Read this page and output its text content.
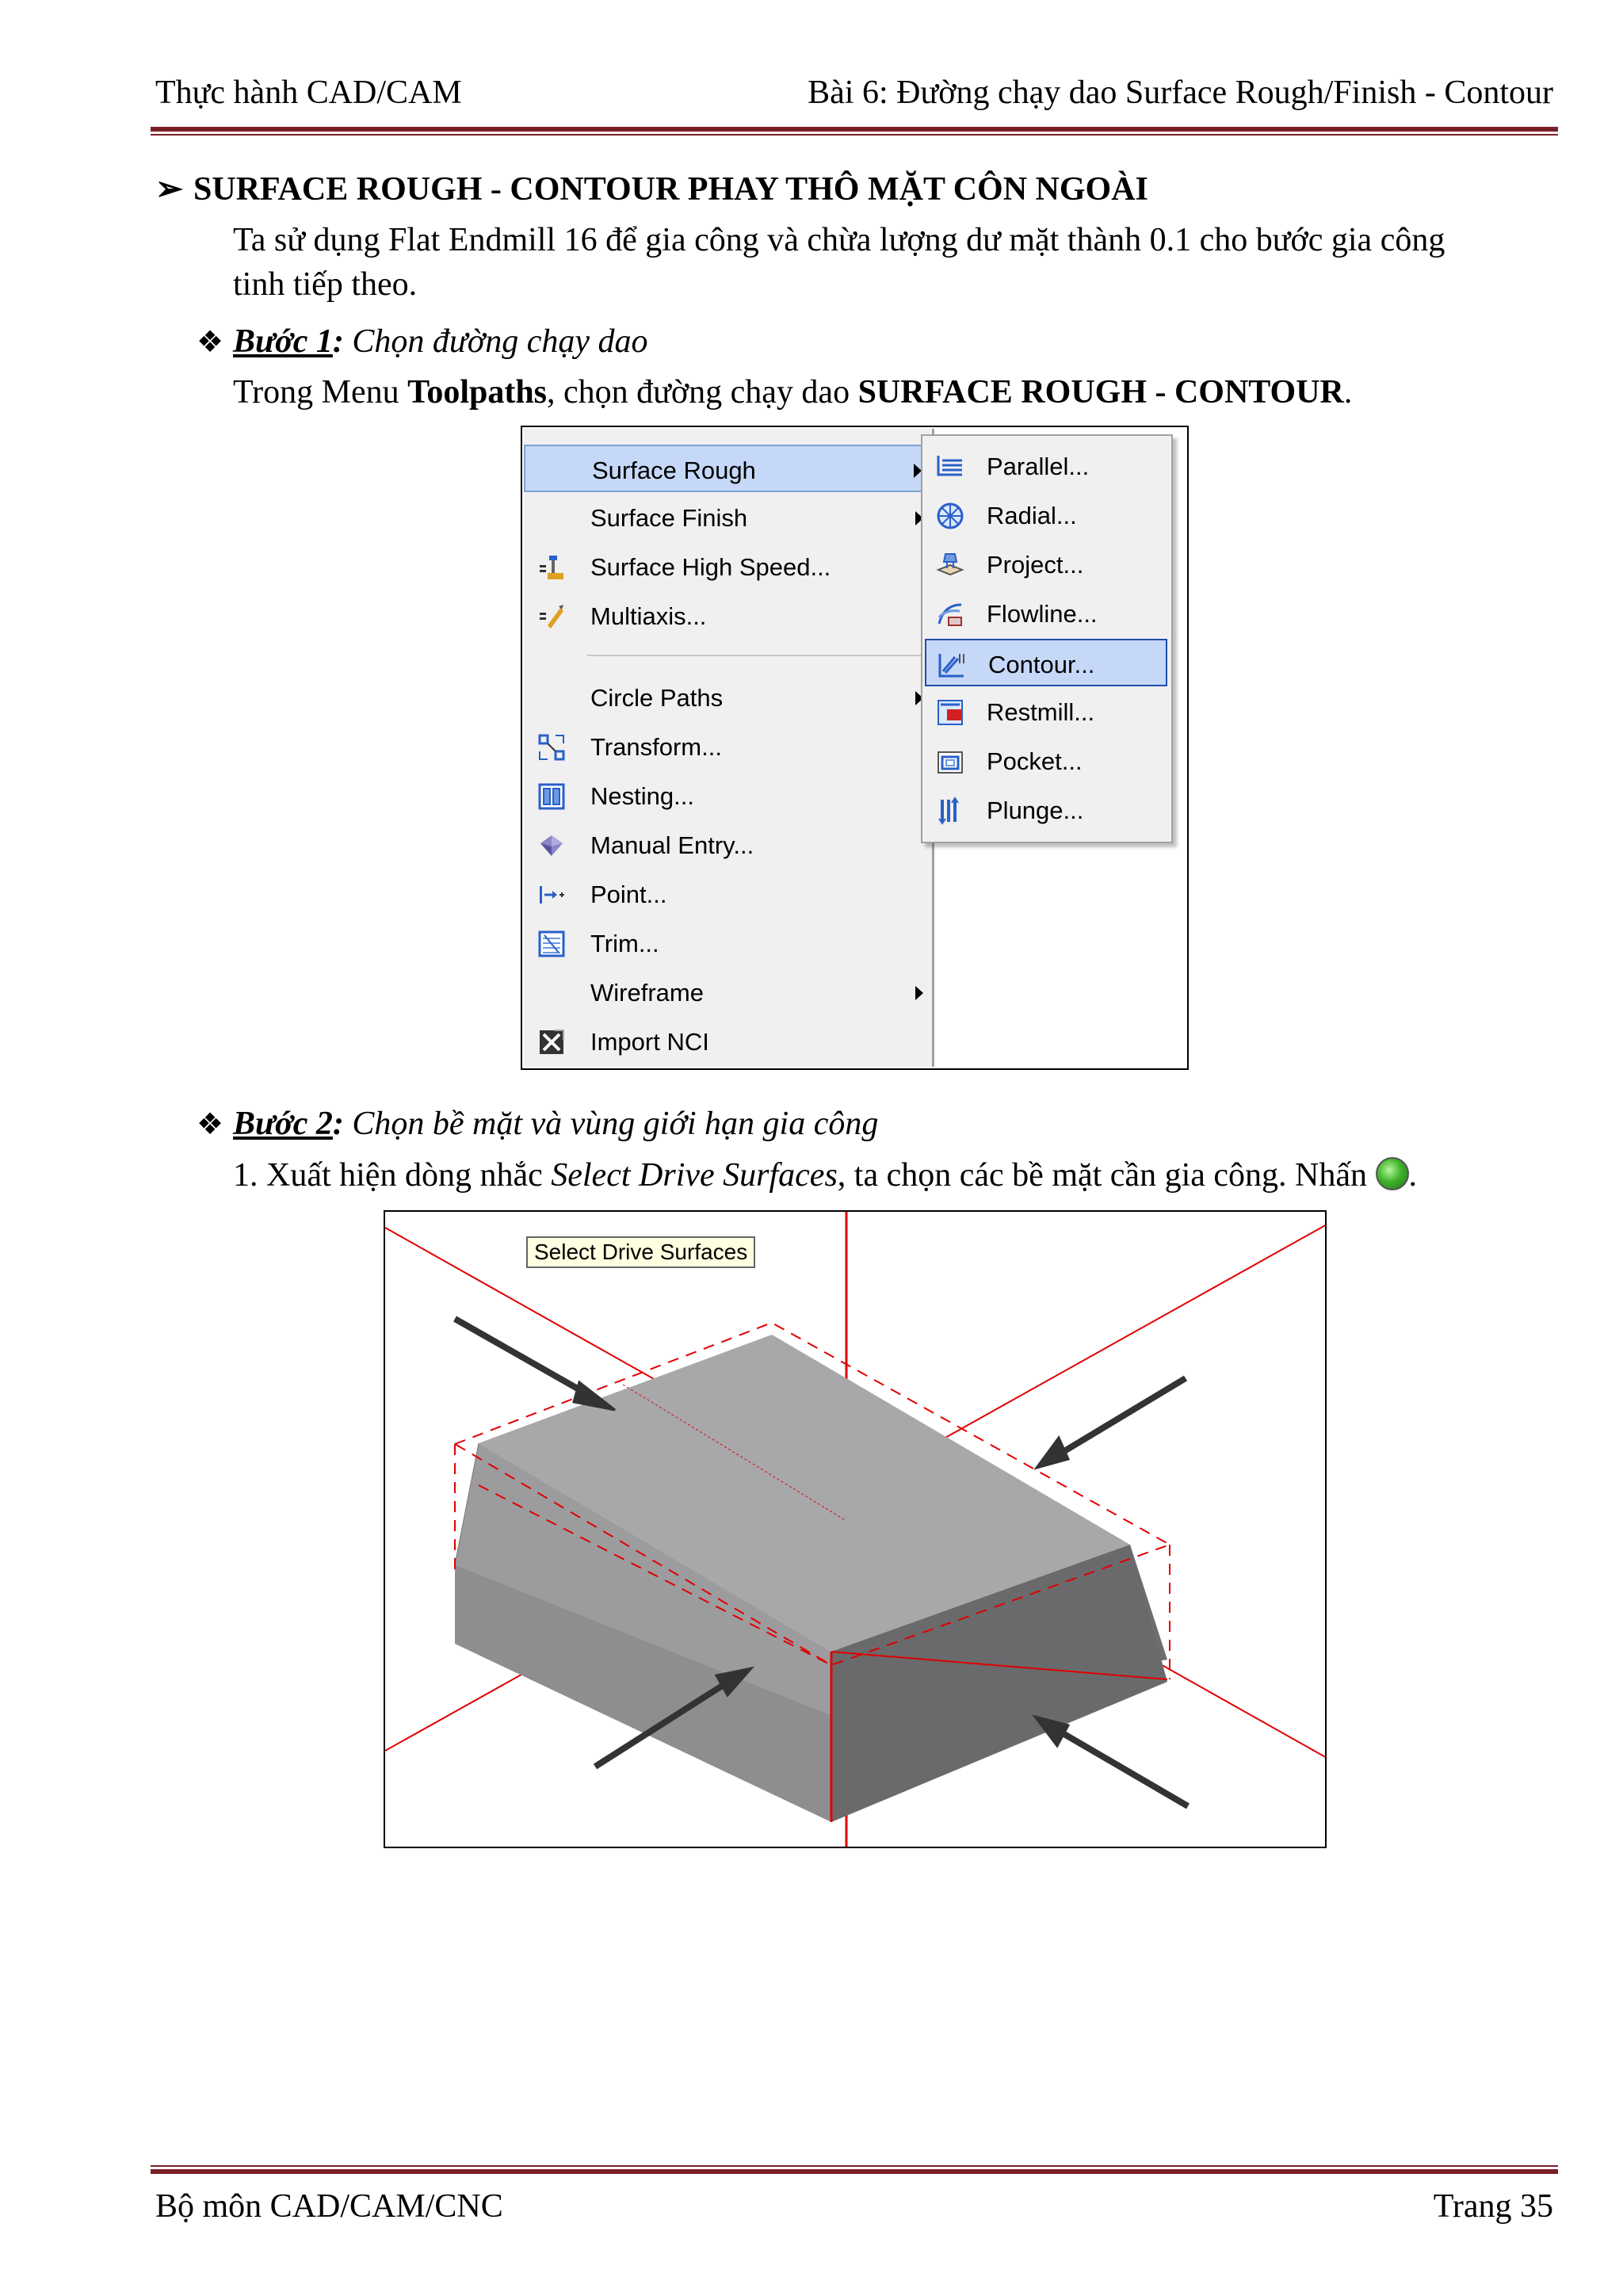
Thực hành CAD/CAM	Bài 6: Đường chạy dao Surface Rough/Finish - Contour
➢ SURFACE ROUGH - CONTOUR PHAY THÔ MẶT CÔN NGOÀI
Ta sử dụng Flat Endmill 16 để gia công và chừa lượng dư mặt thành 0.1 cho bước gia công
tinh tiếp theo.
❖ Bước 1: Chọn đường chạy dao
Trong Menu Toolpaths, chọn đường chạy dao SURFACE ROUGH - CONTOUR.
Surface Rough
Surface Finish
Surface High Speed...
Multiaxis...
Circle Paths
Transform...
Nesting...
Manual Entry...
Point...
Trim...
Wireframe
Import NCI
Parallel...
Radial...
Project...
Flowline...
Contour...
Restmill...
Pocket...
Plunge...
❖ Bước 2: Chọn bề mặt và vùng giới hạn gia công
1. Xuất hiện dòng nhắc Select Drive Surfaces, ta chọn các bề mặt cần gia công. Nhấn .
Select Drive Surfaces
Bộ môn CAD/CAM/CNC	Trang 35
